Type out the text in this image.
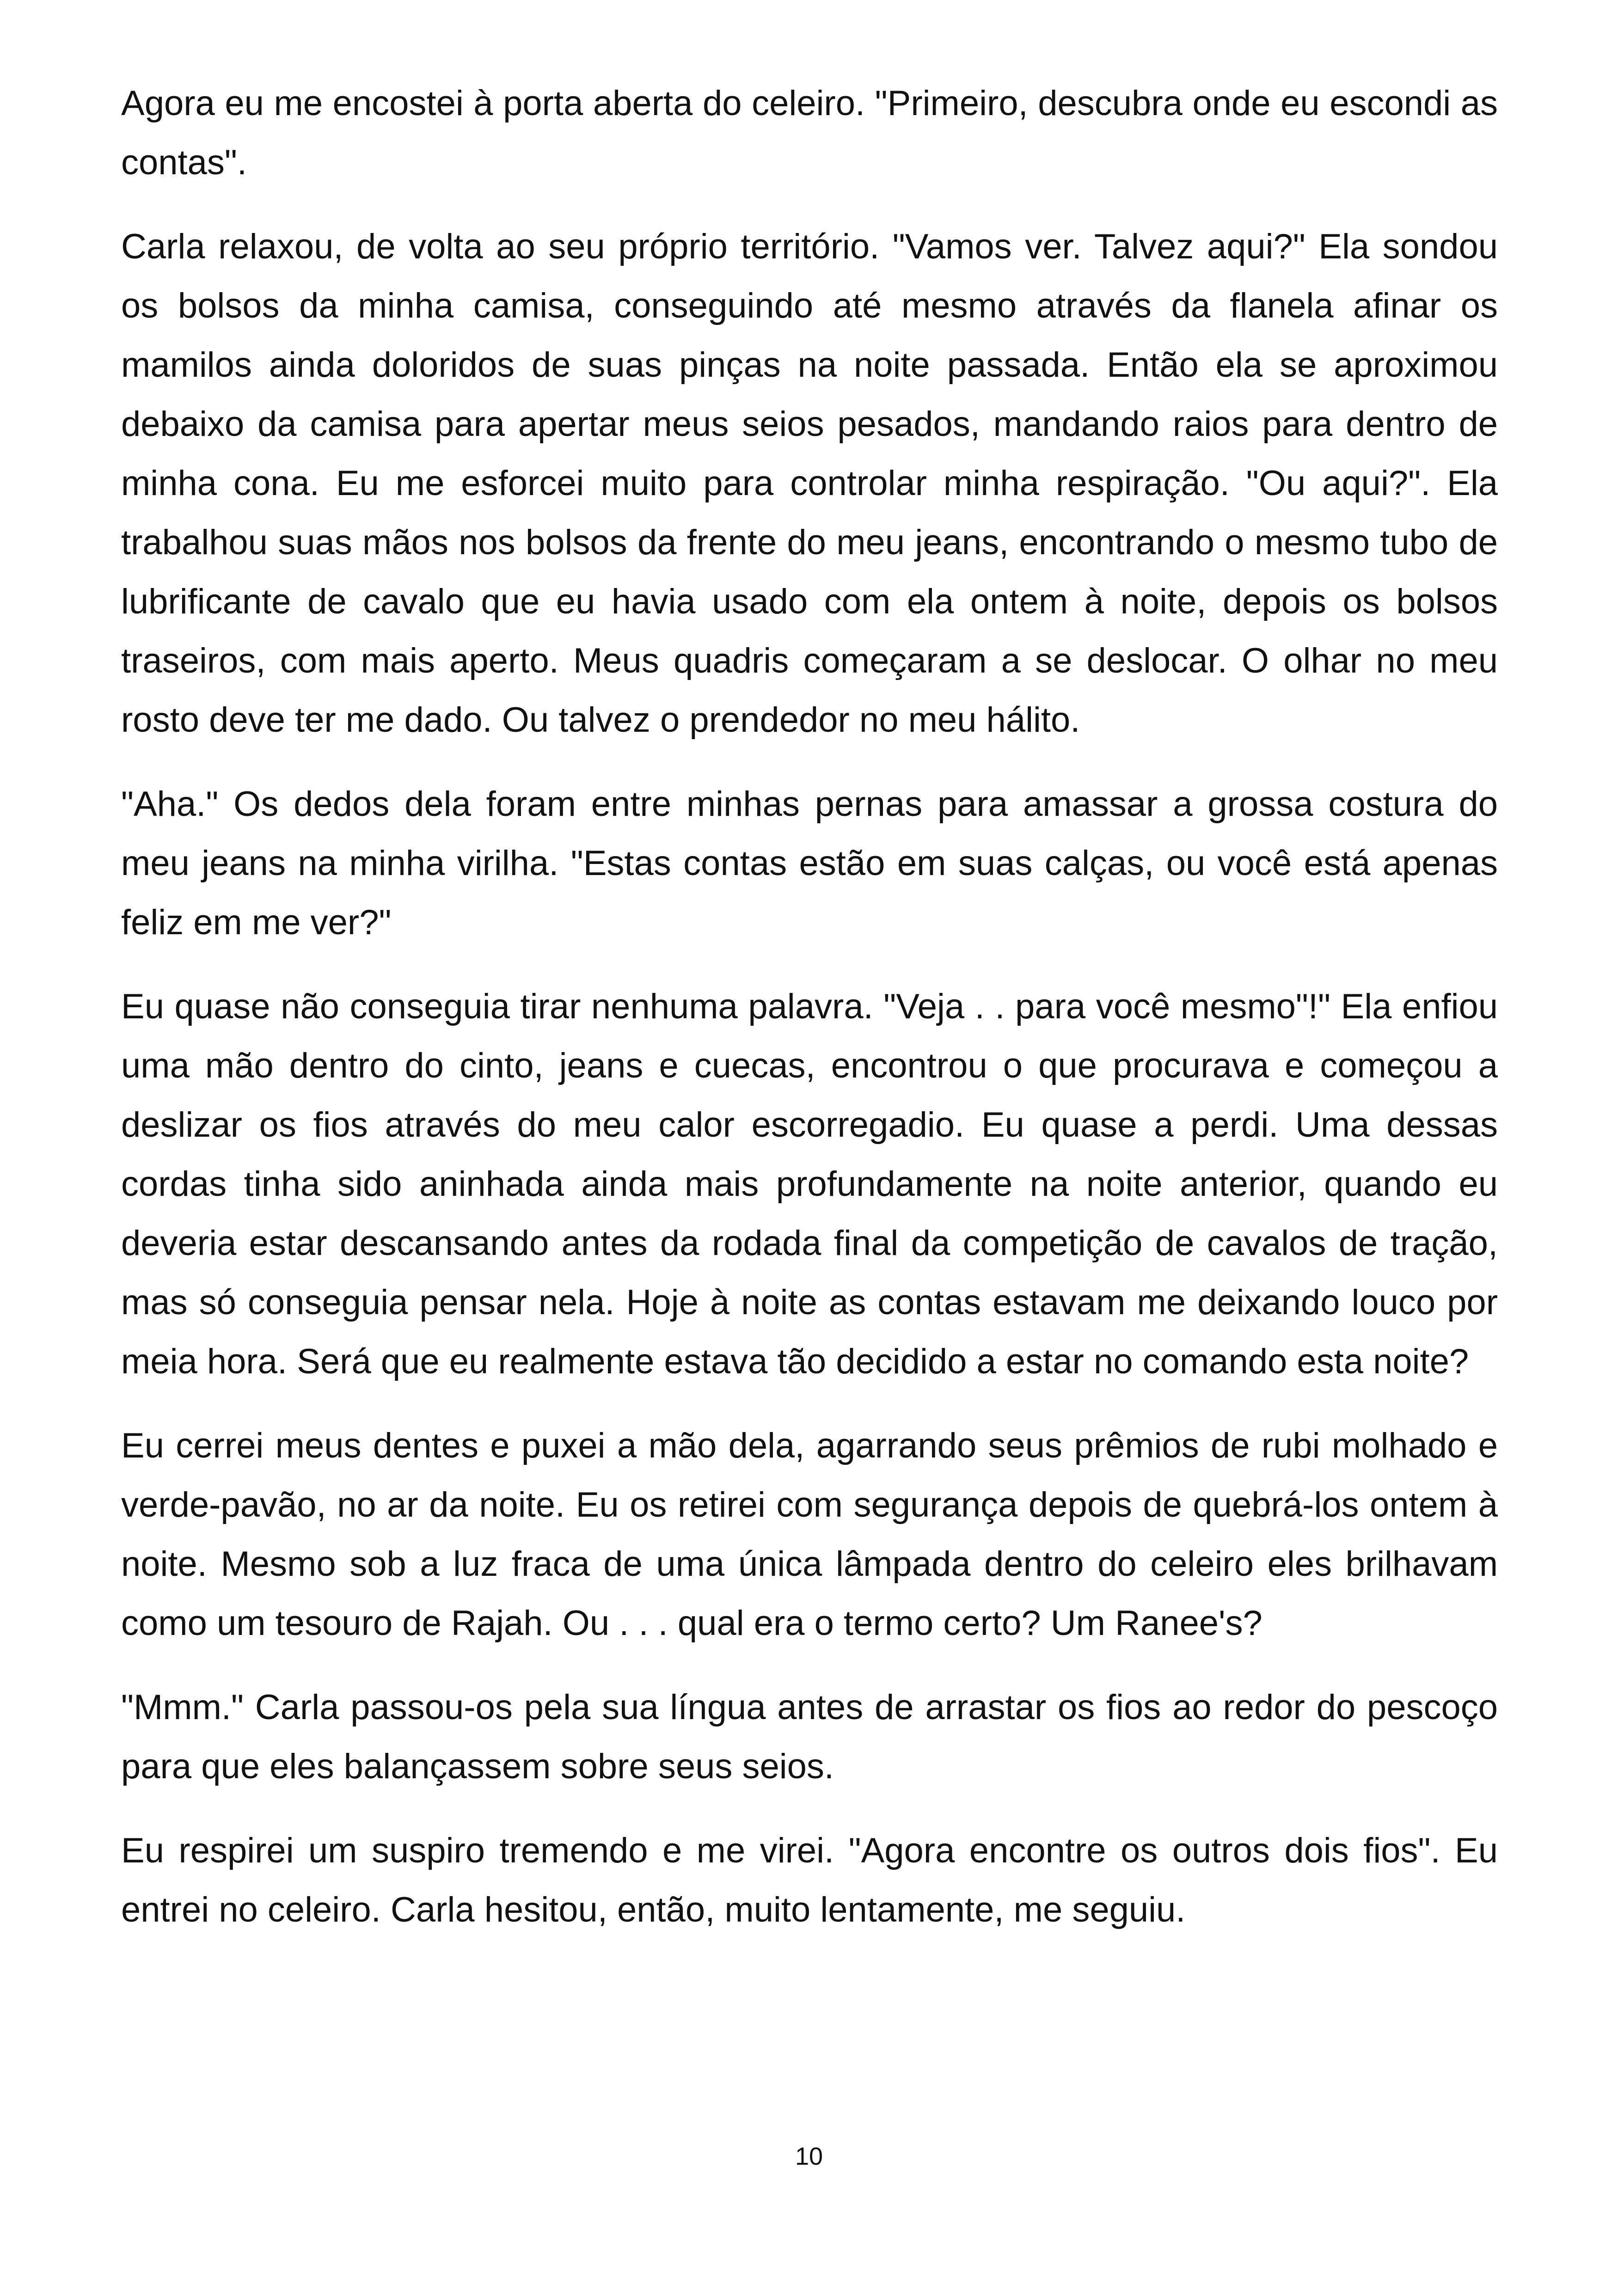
Agora eu me encostei à porta aberta do celeiro. "Primeiro, descubra onde eu escondi as contas".

Carla relaxou, de volta ao seu próprio território. "Vamos ver. Talvez aqui?" Ela sondou os bolsos da minha camisa, conseguindo até mesmo através da flanela afinar os mamilos ainda doloridos de suas pinças na noite passada. Então ela se aproximou debaixo da camisa para apertar meus seios pesados, mandando raios para dentro de minha cona. Eu me esforcei muito para controlar minha respiração. "Ou aqui?". Ela trabalhou suas mãos nos bolsos da frente do meu jeans, encontrando o mesmo tubo de lubrificante de cavalo que eu havia usado com ela ontem à noite, depois os bolsos traseiros, com mais aperto. Meus quadris começaram a se deslocar. O olhar no meu rosto deve ter me dado. Ou talvez o prendedor no meu hálito.

"Aha." Os dedos dela foram entre minhas pernas para amassar a grossa costura do meu jeans na minha virilha. "Estas contas estão em suas calças, ou você está apenas feliz em me ver?"

Eu quase não conseguia tirar nenhuma palavra. "Veja . . para você mesmo"!" Ela enfiou uma mão dentro do cinto, jeans e cuecas, encontrou o que procurava e começou a deslizar os fios através do meu calor escorregadio. Eu quase a perdi. Uma dessas cordas tinha sido aninhada ainda mais profundamente na noite anterior, quando eu deveria estar descansando antes da rodada final da competição de cavalos de tração, mas só conseguia pensar nela. Hoje à noite as contas estavam me deixando louco por meia hora. Será que eu realmente estava tão decidido a estar no comando esta noite?

Eu cerrei meus dentes e puxei a mão dela, agarrando seus prêmios de rubi molhado e verde-pavão, no ar da noite. Eu os retirei com segurança depois de quebrá-los ontem à noite. Mesmo sob a luz fraca de uma única lâmpada dentro do celeiro eles brilhavam como um tesouro de Rajah. Ou . . . qual era o termo certo? Um Ranee's?

"Mmm." Carla passou-os pela sua língua antes de arrastar os fios ao redor do pescoço para que eles balançassem sobre seus seios.

Eu respirei um suspiro tremendo e me virei. "Agora encontre os outros dois fios". Eu entrei no celeiro. Carla hesitou, então, muito lentamente, me seguiu.

10
